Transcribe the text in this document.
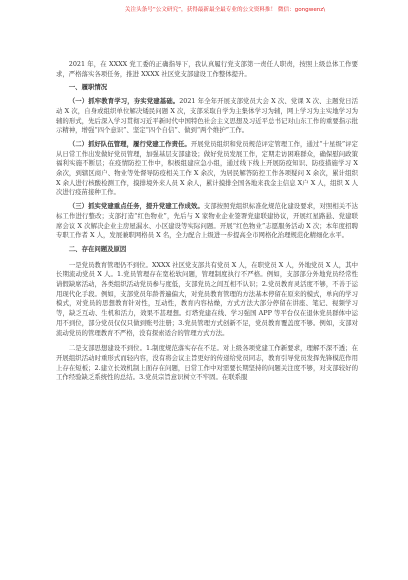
关注头条号“公文研究”，获得最新最全最专业的公文资料推！ 微信：gongwenz\

2021 年，在 XXXX 党工委的正确指导下，我认真履行党支部第一责任人职责，按照上级总体工作要求，严格落实各项任务，推进 XXXX 社区党支部建设工作整体提升。

一、履职情况

（一）抓牢教育学习，夯实党建基础。2021 年全年开展支部党员大会 X 次、党课 X 次、主题党日活动 X 次，自身或组织单位解决矮民问题 X 次，支部采取自学为主集体学习为辅，网上学习为主实地学习为辅的形式，先后深入学习贯彻习近平新时代中国特色社会主义思想及习近平总书记对山东工作的重要指示批示精神，增强“四个意识”、坚定“四个自信”、做到“两个维护”工作。

（二）抓好队伍管理，履行党建工作责任。开展党员组织和党员规范评定管理工作，通过“十星级”评定从日常工作出发做好党员管理，加强基层支部建设；做好党员发展工作，定期走访困难群众，确保慰问政策福利实施不断层；在疫情防控工作中，积极组建应急小组，通过线下线上开展防疫知识、防疫措施学习 X 余次，到辖区商户、物业等处督导防疫相关工作 X 余次，为居民解答防控工作各项疑问 X 余次，累计组织 X 余人进行核酸检测工作，摸排境外来人员 X 余人，累计摸排全国各地来我金主信息 X户 X 人，组织 X 人次进行疫苗接种工作。

（三）抓实党建重点任务，提升党建工作成效。支部按照党组织标准化规范化建设要求，对照相关不达标工作进行整改；支部打造“红色物业”，先后与 X 家物业企业签署党建联建协议，开展红星路悬、党建联席会议 X 次解决企业主房屋漏水、小区建设等实际问题。开展“红色物业”志愿服务活动 X 次；本年度招聘专职工作者 X 人，发展兼职网格员 X 名，全力配合上级进一步提高全市网格化治理规范化精细化水平。

二、存在问题及原因

一是党员教育管理仍不到位。XXXX 社区党支部共有党员 X 人，在职党员 X 人，外地党员 X 人，其中长期流动党员 X 人。1.党员管理存在宽松软问题，管理制度执行不严格。例如，支部部分外地党员经常性请假缺席活动，各类组织活动党员参与度低，支部党员之间互相不认识；2.党员教育灵活度不够，不善于运用现代化手段。例如，支部党员年龄普遍偏大，对党员教育管理的方法基本停留在原来的模式，单向的学习模式，对党员的思想教育针对性，互动性，教育内容枯燥，方式方法大部分停留在讲座、笔记、视频学习等，缺乏互动、生机和活力，效果不甚理想。灯塔党建在线、学习强国 APP 等平台仅在退休党员群体中运用不到位，部分党员仅仅只做到账号注册；3.党员管理方式创新不足，党员教育覆盖度不够。例如，支部对流动党员的管理教育不严格，没有探索适合的管理方式方法。

二是支部思想建设不到位。1.制度规范落实存在不足。对上级各项党建工作新要求，理解不深不透；在开展组织活动时重形式而轻内容，没有将会议主旨更好的传递给党员同志，教育引导党员发挥先锋模范作用上存在短板；2.建立长效机制上面存在问题，日常工作中对需要长期坚持的问题关注度不够，对支部较好的工作经验缺乏系统性的总结。3.党员宗旨意识树立不牢固。在联系服
